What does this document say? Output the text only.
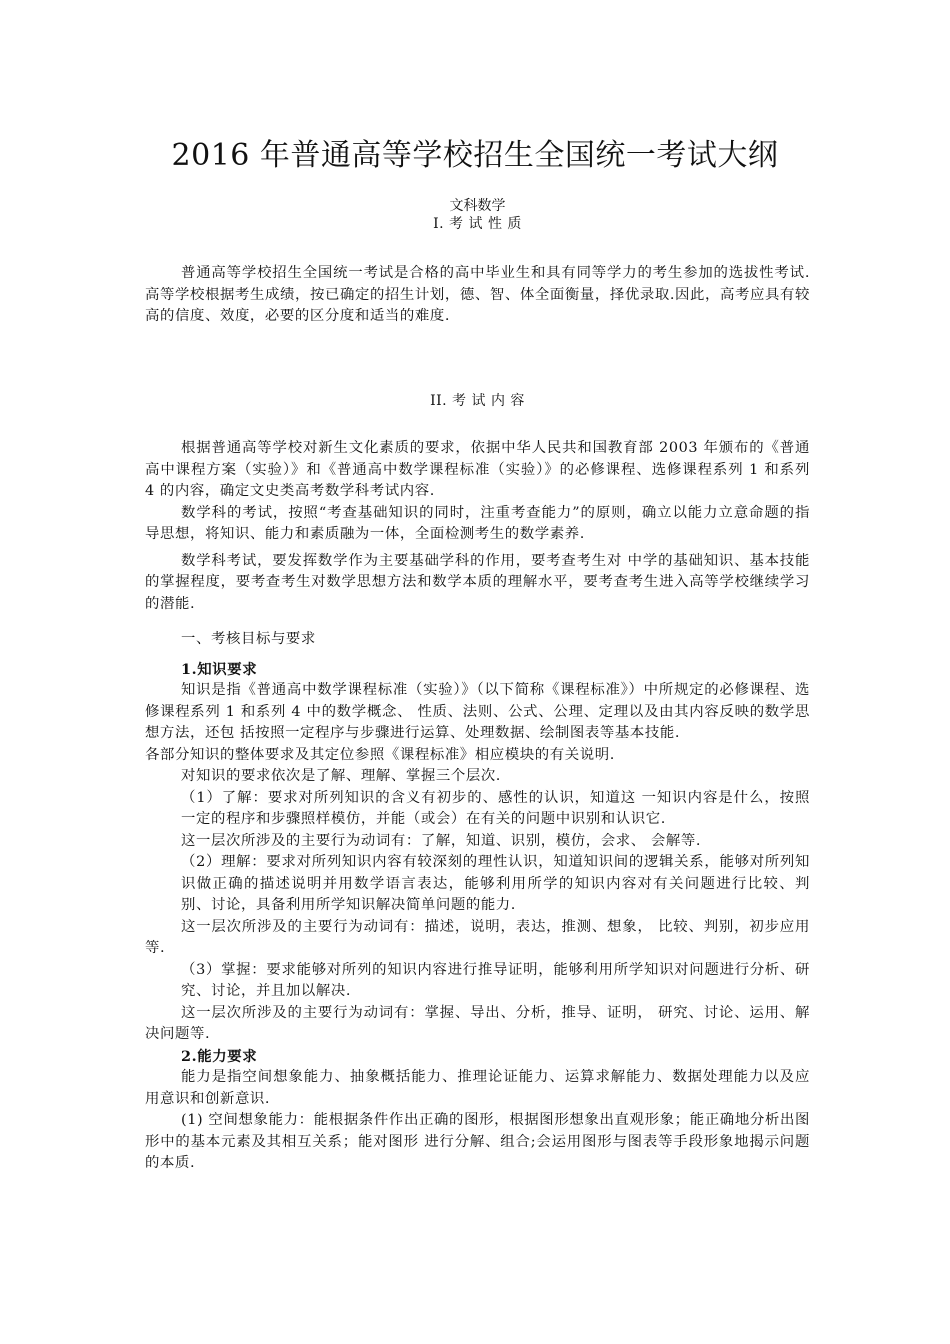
2016 年普通高等学校招生全国统一考试大纲
文科数学
I. 考 试 性 质

普通高等学校招生全国统一考试是合格的高中毕业生和具有同等学力的考生参加的选拔性考试.高等学校根据考生成绩，按已确定的招生计划，德、智、体全面衡量，择优录取.因此，高考应具有较高的信度、效度，必要的区分度和适当的难度.

II. 考 试 内 容

根据普通高等学校对新生文化素质的要求，依据中华人民共和国教育部 2003 年颁布的《普通高中课程方案（实验）》和《普通高中数学课程标准（实验）》的必修课程、选修课程系列 1 和系列 4 的内容，确定文史类高考数学科考试内容.

数学科的考试，按照“考查基础知识的同时，注重考查能力”的原则，确立以能力立意命题的指导思想，将知识、能力和素质融为一体，全面检测考生的数学素养.

数学科考试，要发挥数学作为主要基础学科的作用，要考查考生对 中学的基础知识、基本技能的掌握程度，要考查考生对数学思想方法和数学本质的理解水平，要考查考生进入高等学校继续学习的潜能.

一、考核目标与要求

1.知识要求

知识是指《普通高中数学课程标准（实验）》（以下简称《课程标准》）中所规定的必修课程、选修课程系列 1 和系列 4 中的数学概念、 性质、法则、公式、公理、定理以及由其内容反映的数学思想方法，还包 括按照一定程序与步骤进行运算、处理数据、绘制图表等基本技能.

各部分知识的整体要求及其定位参照《课程标准》相应模块的有关说明.

对知识的要求依次是了解、理解、掌握三个层次.

（1）了解：要求对所列知识的含义有初步的、感性的认识，知道这 一知识内容是什么，按照一定的程序和步骤照样模仿，并能（或会）在有关的问题中识别和认识它.

这一层次所涉及的主要行为动词有：了解，知道、识别，模仿，会求、 会解等.

（2）理解：要求对所列知识内容有较深刻的理性认识，知道知识间的逻辑关系，能够对所列知识做正确的描述说明并用数学语言表达，能够利用所学的知识内容对有关问题进行比较、判别、讨论，具备利用所学知识解决简单问题的能力.

这一层次所涉及的主要行为动词有：描述，说明，表达，推测、想象， 比较、判别，初步应用等.

（3）掌握：要求能够对所列的知识内容进行推导证明，能够利用所学知识对问题进行分析、研究、讨论，并且加以解决.

这一层次所涉及的主要行为动词有：掌握、导出、分析，推导、证明， 研究、讨论、运用、解决问题等.

2.能力要求

能力是指空间想象能力、抽象概括能力、推理论证能力、运算求解能力、数据处理能力以及应用意识和创新意识.

(1) 空间想象能力：能根据条件作出正确的图形，根据图形想象出直观形象；能正确地分析出图形中的基本元素及其相互关系；能对图形 进行分解、组合;会运用图形与图表等手段形象地揭示问题的本质.
